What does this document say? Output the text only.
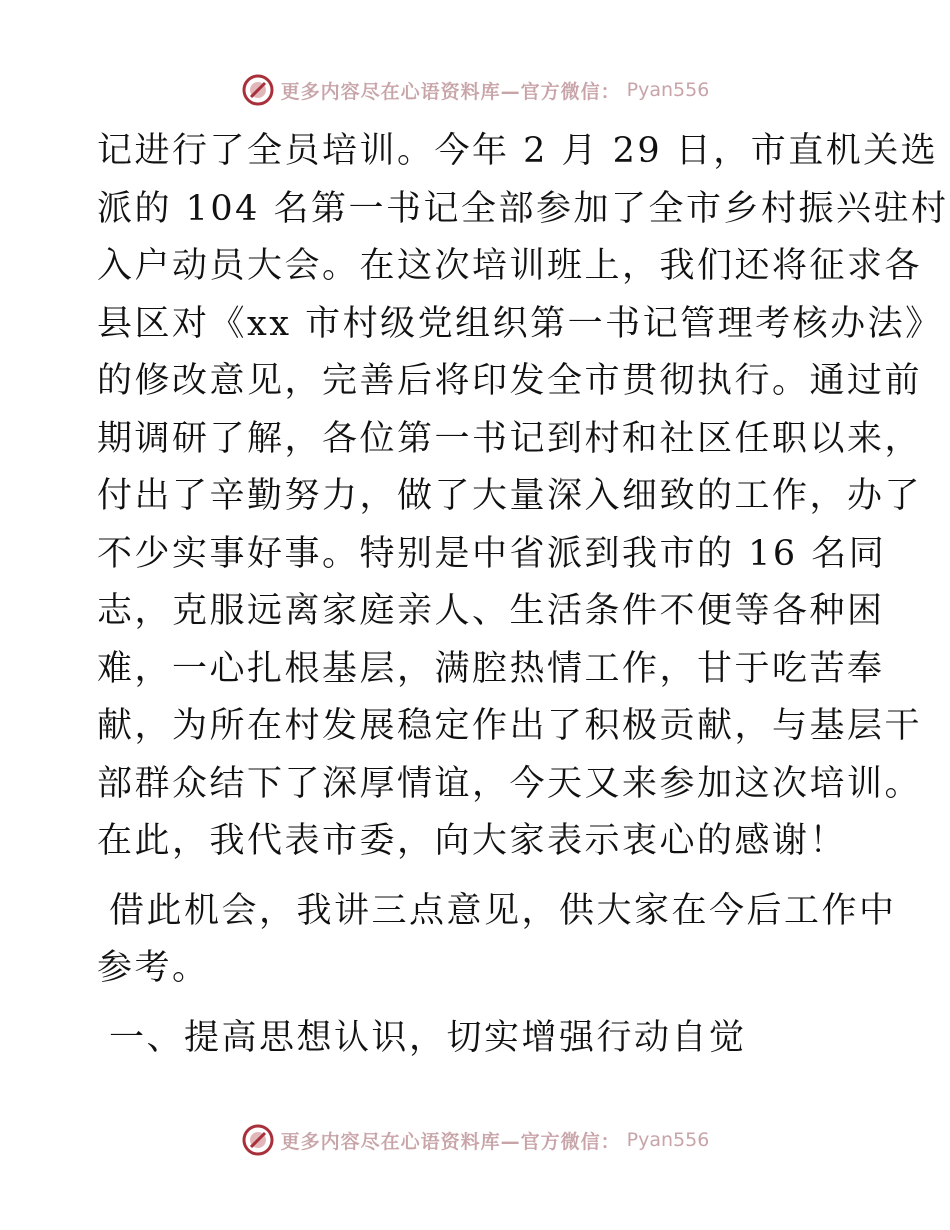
更多内容尽在心语资料库—官方微信： Pyan556

记进行了全员培训。今年 2 月 29 日，市直机关选
派的 104 名第一书记全部参加了全市乡村振兴驻村
入户动员大会。在这次培训班上，我们还将征求各
县区对《xx 市村级党组织第一书记管理考核办法》
的修改意见，完善后将印发全市贯彻执行。通过前
期调研了解，各位第一书记到村和社区任职以来，
付出了辛勤努力，做了大量深入细致的工作，办了
不少实事好事。特别是中省派到我市的 16 名同
志，克服远离家庭亲人、生活条件不便等各种困
难，一心扎根基层，满腔热情工作，甘于吃苦奉
献，为所在村发展稳定作出了积极贡献，与基层干
部群众结下了深厚情谊，今天又来参加这次培训。
在此，我代表市委，向大家表示衷心的感谢！

借此机会，我讲三点意见，供大家在今后工作中
参考。

一、提高思想认识，切实增强行动自觉

更多内容尽在心语资料库—官方微信： Pyan556
